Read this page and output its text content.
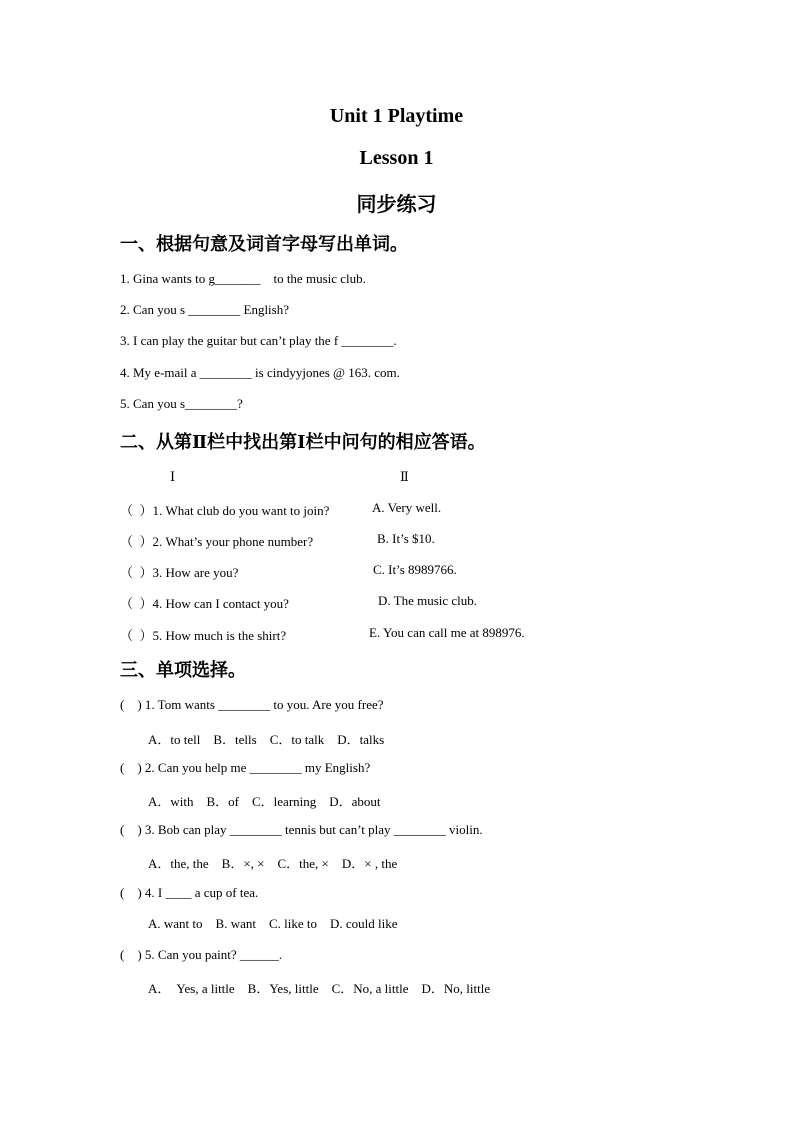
Unit 1 Playtime
Lesson 1
同步练习
一、根据句意及词首字母写出单词。
1. Gina wants to g_______    to the music club.
2. Can you s ________ English?
3. I can play the guitar but can’t play the f ________.
4. My e-mail a ________ is cindyyjones @ 163. com.
5. Can you s________?
二、从第Ⅱ栏中找出第Ⅰ栏中问句的相应答语。
Ⅰ	Ⅱ
（  ）1. What club do you want to join?	A. Very well.
（  ）2. What’s your phone number?	B. It’s $10.
（  ）3. How are you?	C. It’s 8989766.
（  ）4. How can I contact you?	D. The music club.
（  ）5. How much is the shirt?	E. You can call me at 898976.
三、单项选择。
(    ) 1. Tom wants ________ to you. Are you free?
A．to tell    B．tells    C．to talk    D．talks
(    ) 2. Can you help me ________ my English?
A．with    B．of    C．learning    D．about
(    ) 3. Bob can play ________ tennis but can’t play ________ violin.
A．the, the    B．×, ×    C．the, ×    D．× , the
(    ) 4. I ____ a cup of tea.
A. want to    B. want    C. like to    D. could like
(    ) 5. Can you paint? ______.
A．  Yes, a little    B．Yes, little    C．No, a little    D．No, little
